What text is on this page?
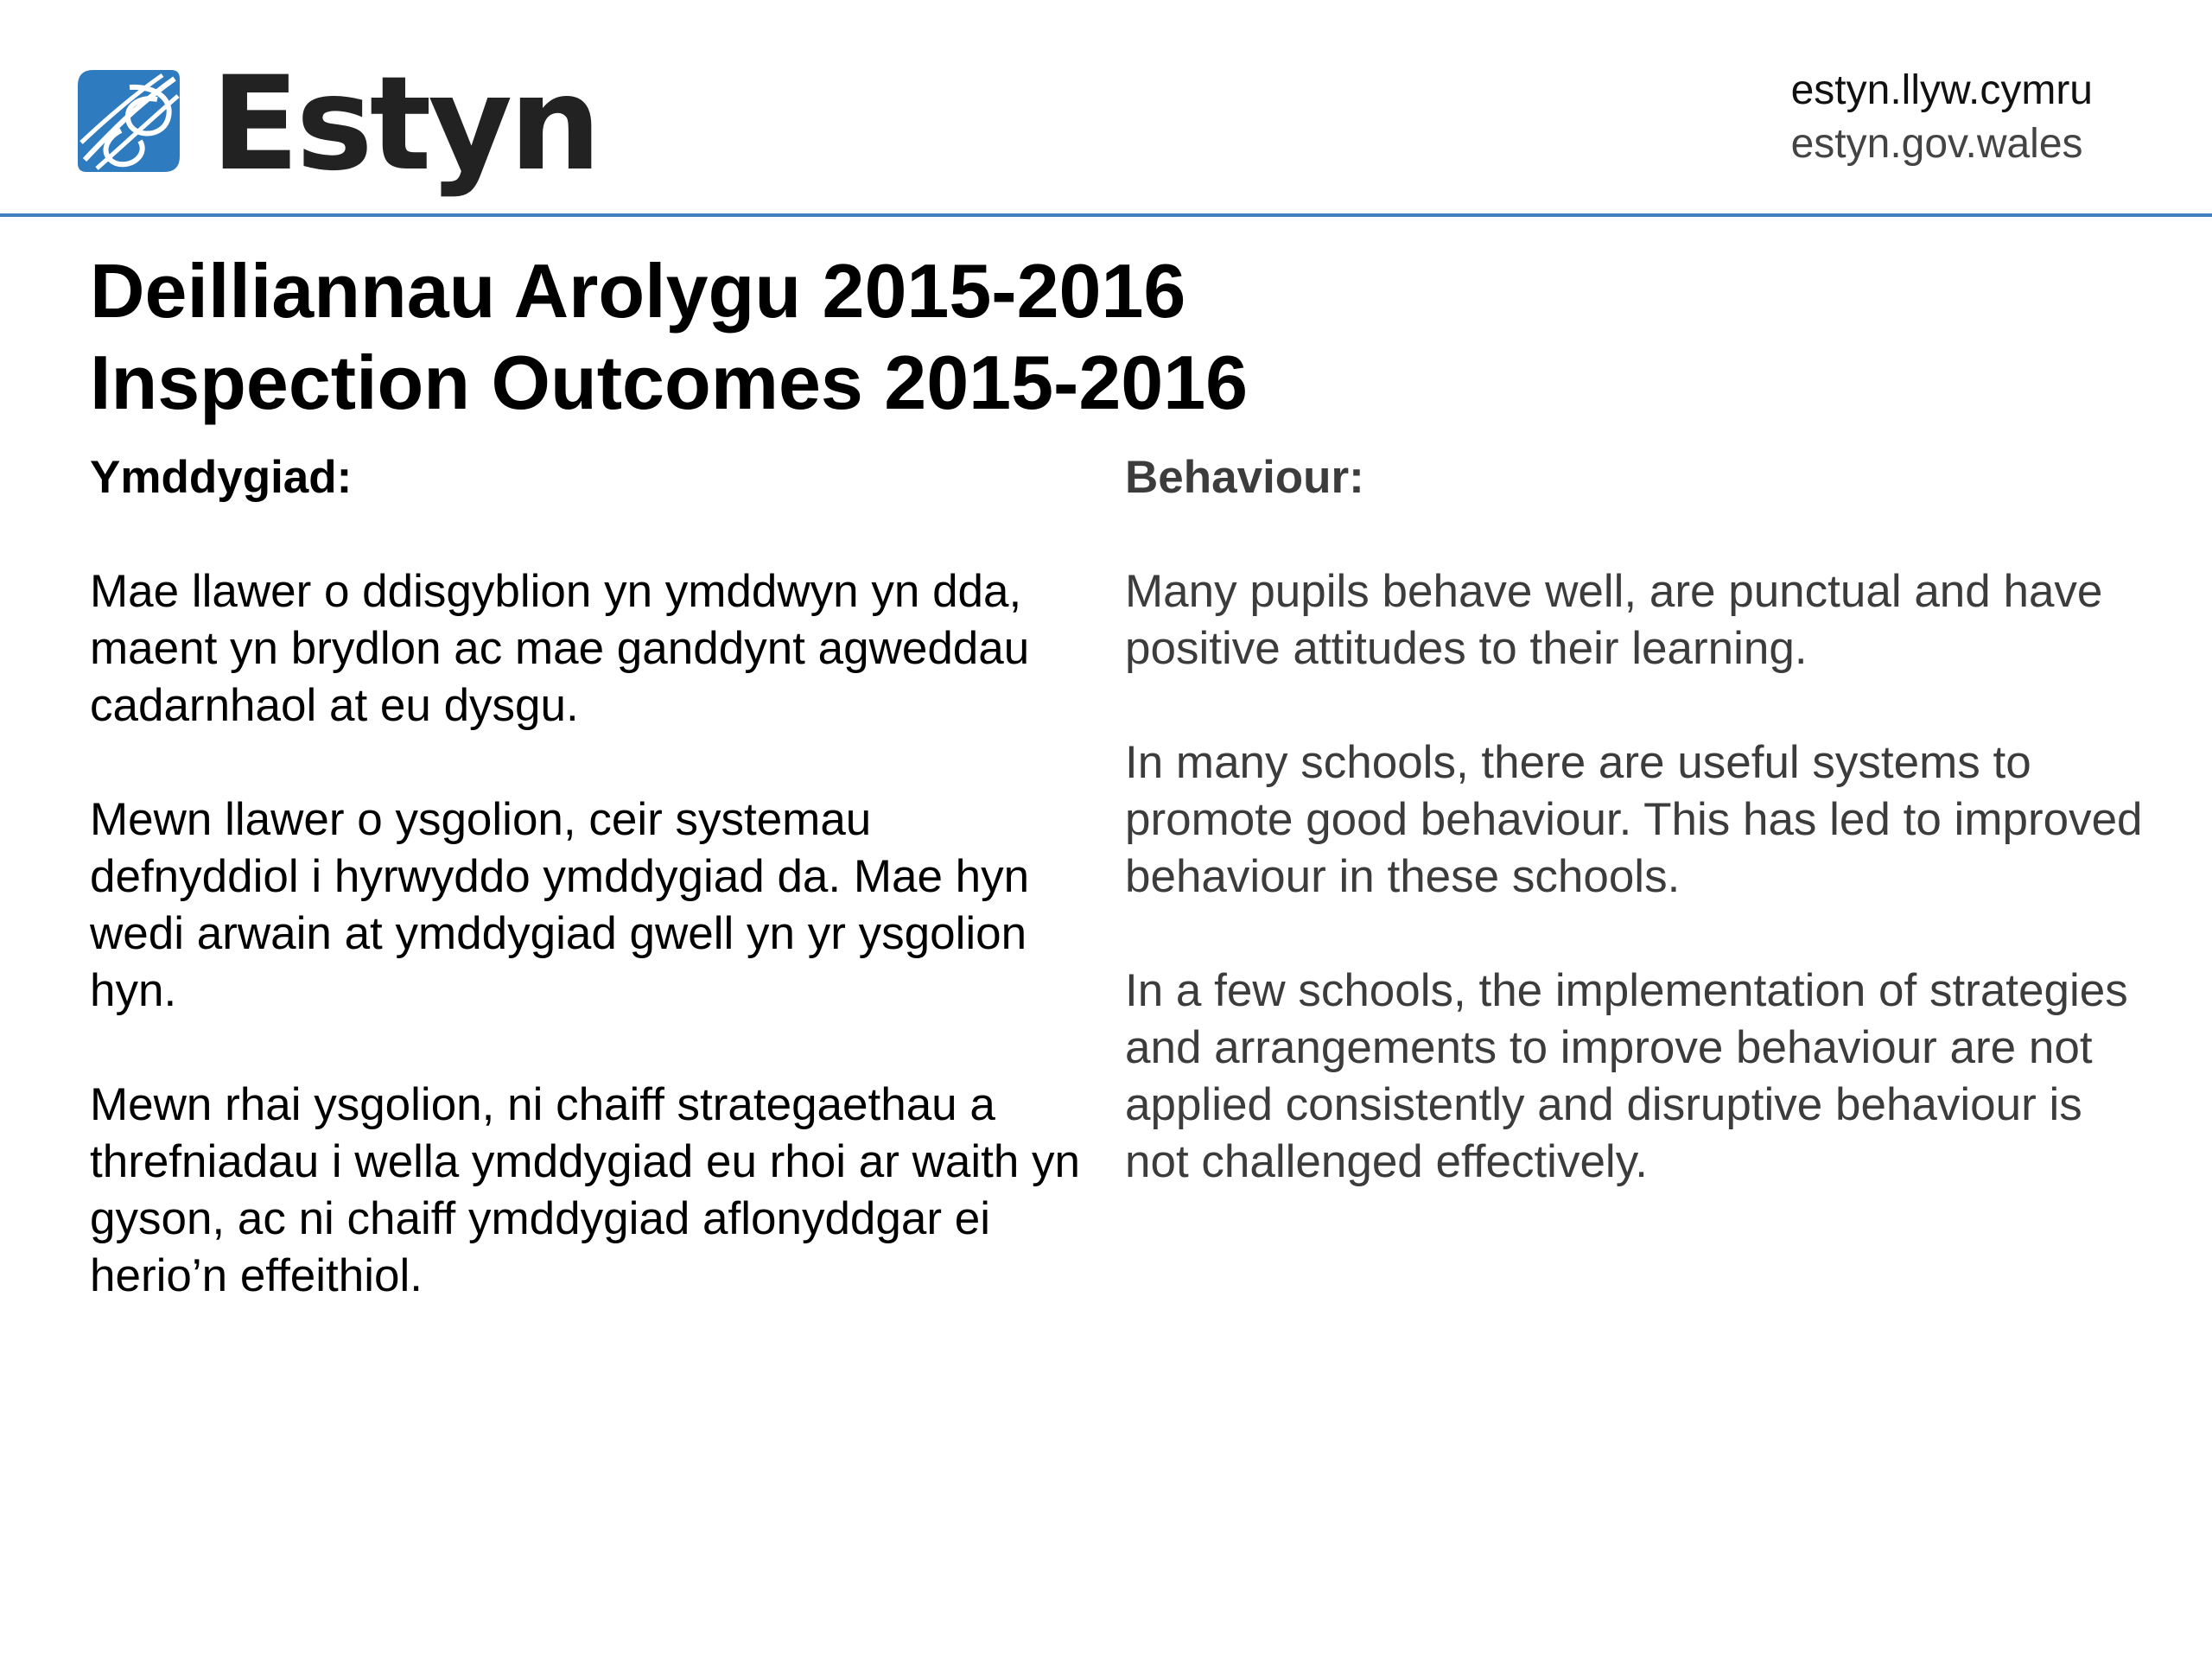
Estyn	estyn.llyw.cymru
estyn.gov.wales
Deilliannau Arolygu 2015-2016
Inspection Outcomes 2015-2016
Ymddygiad:

Mae llawer o ddisgyblion yn ymddwyn yn dda, maent yn brydlon ac mae ganddynt agweddau cadarnhaol at eu dysgu.

Mewn llawer o ysgolion, ceir systemau defnyddiol i hyrwyddo ymddygiad da. Mae hyn wedi arwain at ymddygiad gwell yn yr ysgolion hyn.

Mewn rhai ysgolion, ni chaiff strategaethau a threfniadau i wella ymddygiad eu rhoi ar waith yn gyson, ac ni chaiff ymddygiad aflonyddgar ei herio’n effeithiol.

Behaviour:

Many pupils behave well, are punctual and have positive attitudes to their learning.

In many schools, there are useful systems to promote good behaviour. This has led to improved behaviour in these schools.

In a few schools, the implementation of strategies and arrangements to improve behaviour are not applied consistently and disruptive behaviour is not challenged effectively.
